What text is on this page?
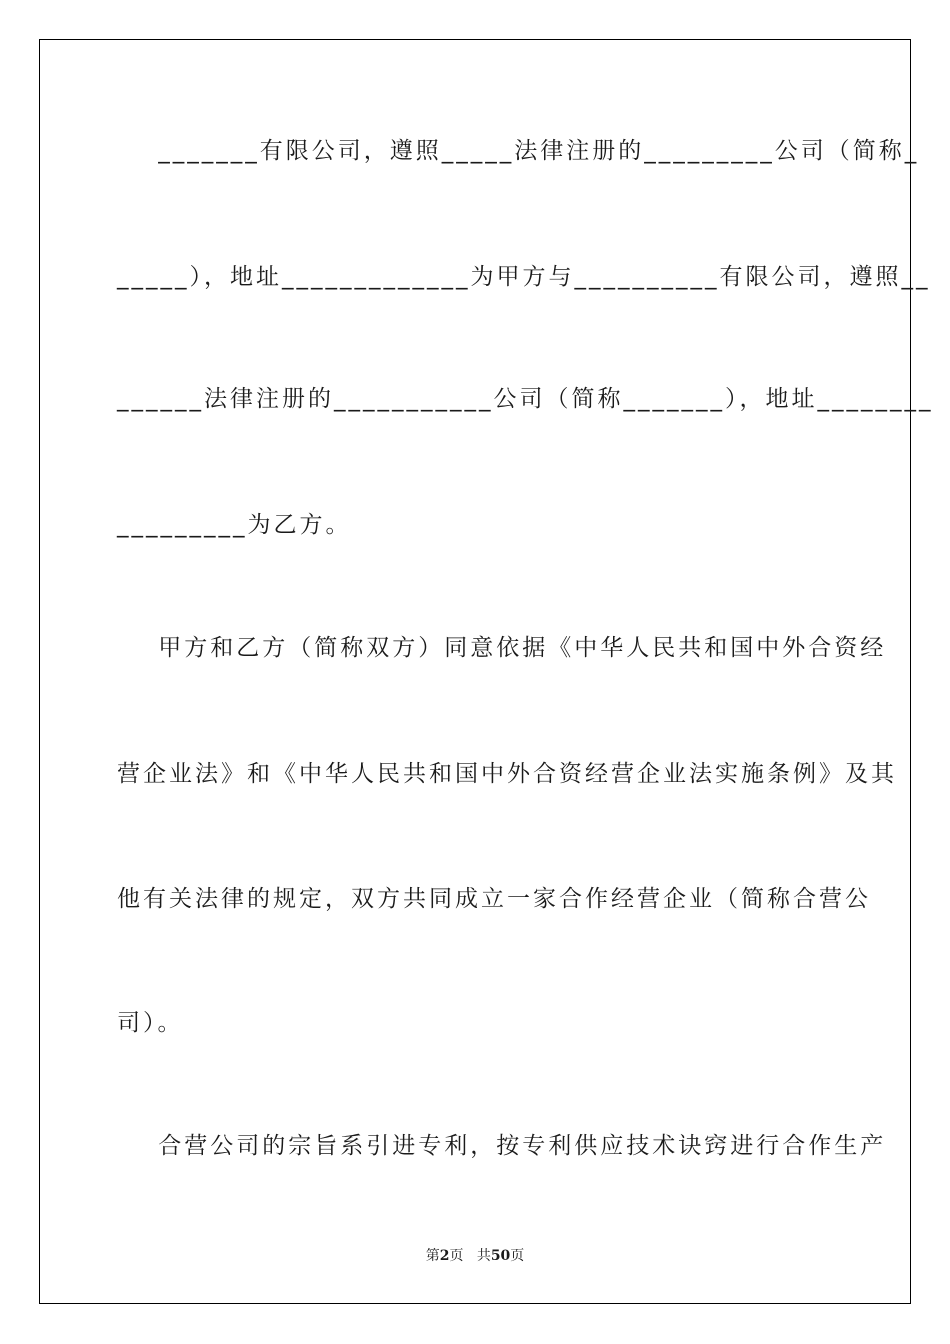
_______有限公司，遵照_____法律注册的_________公司（简称_
_____），地址_____________为甲方与__________有限公司，遵照__
______法律注册的___________公司（简称_______），地址________
_________为乙方。
甲方和乙方（简称双方）同意依据《中华人民共和国中外合资经
营企业法》和《中华人民共和国中外合资经营企业法实施条例》及其
他有关法律的规定，双方共同成立一家合作经营企业（简称合营公
司）。
合营公司的宗旨系引进专利，按专利供应技术诀窍进行合作生产
第2页 共50页
